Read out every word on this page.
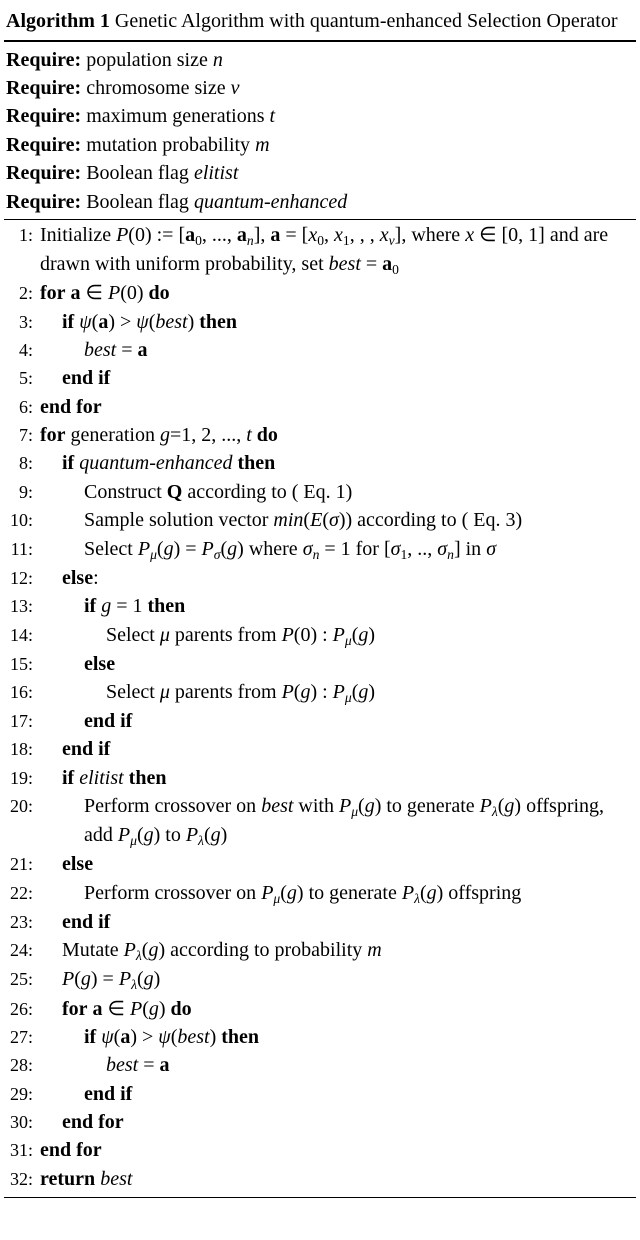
Algorithm 1 Genetic Algorithm with quantum-enhanced Selection Operator
Require: population size n
Require: chromosome size v
Require: maximum generations t
Require: mutation probability m
Require: Boolean flag elitist
Require: Boolean flag quantum-enhanced
1: Initialize P(0) := [$a_0$, ..., $a_n$], $a = [x_0$, $x_1$, , , $x_v$], where x ∈ [0, 1] and are drawn with uniform probability, set best = $a_0$
2: for a ∈ P(0) do
3:	if ψ(a) > ψ(best) then
4:	best = a
5:	end if
6: end for
7: for generation g=1, 2, ..., t do
8:	if quantum-enhanced then
9:	Construct Q according to ( Eq. 1)
10:	Sample solution vector min(E(σ)) according to ( Eq. 3)
11:	Select $P_\mu(g) = P_\sigma(g)$ where $\sigma_n = 1$ for [$\sigma_1$, .., $\sigma_n$] in σ
12:	else:
13:	if g = 1 then
14:	Select μ parents from P(0) : $P_\mu(g)$
15:	else
16:	Select μ parents from P(g) : $P_\mu(g)$
17:	end if
18:	end if
19:	if elitist then
20:	Perform crossover on best with $P_\mu(g)$ to generate $P_\lambda(g)$ offspring, add $P_\mu(g)$ to $P_\lambda(g)$
21:	else
22:	Perform crossover on $P_\mu(g)$ to generate $P_\lambda(g)$ offspring
23:	end if
24:	Mutate $P_\lambda(g)$ according to probability m
25:	$P(g) = P_\lambda(g)$
26:	for a ∈ P(g) do
27:	if ψ(a) > ψ(best) then
28:	best = a
29:	end if
30:	end for
31: end for
32: return best
